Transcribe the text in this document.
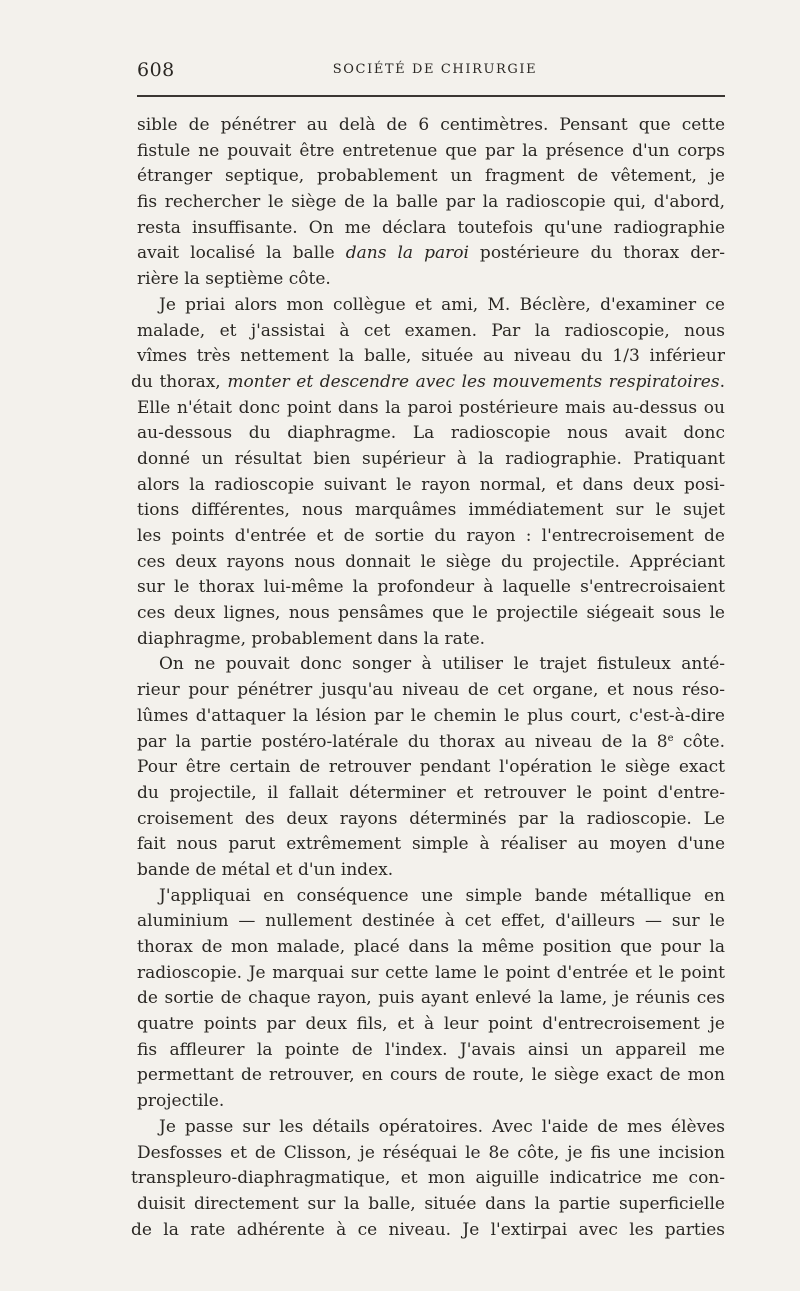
608	SOCIÉTÉ DE CHIRURGIE
sible de pénétrer au delà de 6 centimètres. Pensant que cette
fistule ne pouvait être entretenue que par la présence d'un corps
étranger septique, probablement un fragment de vêtement, je
fis rechercher le siège de la balle par la radioscopie qui, d'abord,
resta insuffisante. On me déclara toutefois qu'une radiographie
avait localisé la balle dans la paroi postérieure du thorax der-
rière la septième côte.
Je priai alors mon collègue et ami, M. Béclère, d'examiner ce
malade, et j'assistai à cet examen. Par la radioscopie, nous
vîmes très nettement la balle, située au niveau du 1/3 inférieur
du thorax, monter et descendre avec les mouvements respiratoires.
Elle n'était donc point dans la paroi postérieure mais au-dessus ou
au-dessous du diaphragme. La radioscopie nous avait donc
donné un résultat bien supérieur à la radiographie. Pratiquant
alors la radioscopie suivant le rayon normal, et dans deux posi-
tions différentes, nous marquâmes immédiatement sur le sujet
les points d'entrée et de sortie du rayon : l'entrecroisement de
ces deux rayons nous donnait le siège du projectile. Appréciant
sur le thorax lui-même la profondeur à laquelle s'entrecroisaient
ces deux lignes, nous pensâmes que le projectile siégeait sous le
diaphragme, probablement dans la rate.
On ne pouvait donc songer à utiliser le trajet fistuleux anté-
rieur pour pénétrer jusqu'au niveau de cet organe, et nous réso-
lûmes d'attaquer la lésion par le chemin le plus court, c'est-à-dire
par la partie postéro-latérale du thorax au niveau de la 8e côte.
Pour être certain de retrouver pendant l'opération le siège exact
du projectile, il fallait déterminer et retrouver le point d'entre-
croisement des deux rayons déterminés par la radioscopie. Le
fait nous parut extrêmement simple à réaliser au moyen d'une
bande de métal et d'un index.
J'appliquai en conséquence une simple bande métallique en
aluminium — nullement destinée à cet effet, d'ailleurs — sur le
thorax de mon malade, placé dans la même position que pour la
radioscopie. Je marquai sur cette lame le point d'entrée et le point
de sortie de chaque rayon, puis ayant enlevé la lame, je réunis ces
quatre points par deux fils, et à leur point d'entrecroisement je
fis affleurer la pointe de l'index. J'avais ainsi un appareil me
permettant de retrouver, en cours de route, le siège exact de mon
projectile.
Je passe sur les détails opératoires. Avec l'aide de mes élèves
Desfosses et de Clisson, je réséquai le 8e côte, je fis une incision
transpleuro-diaphragmatique, et mon aiguille indicatrice me con-
duisit directement sur la balle, située dans la partie superficielle
de la rate adhérente à ce niveau. Je l'extirpai avec les parties
